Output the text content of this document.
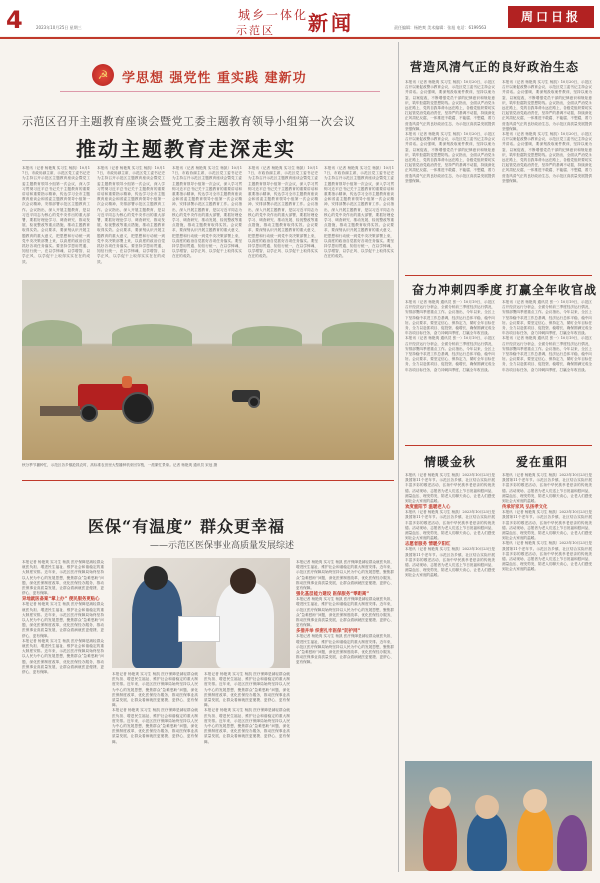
4	2023年10月25日 星期三
城乡一体化
示范区 新闻	责任编辑：杨艳爽 美术编辑：张旭 电话：6199563
周口日报
☭	学思想 强党性 重实践 建新功
示范区召开主题教育座谈会暨党工委主题教育领导小组第一次会议
推动主题教育走深走实
本报讯（记者 杨艳爽 实习生 杨凯）10月17日，市政协副主席，示范区党工委书记史为主持召开示范区主题教育座谈会暨党工委主题教育领导小组第一次会议，深入学习贯彻习近平总书记关于主题教育的重要讲话和重要指示精神，传达学习全市主题教育座谈会和省委主题教育领导小组第一次会议精神，安排部署示范区主题教育工作。会议指出，深入开展主题教育，是以习近平同志为核心的党中央作出的重大部署，要抓好理论学习、调查研究、推动发展、检视整改等重点措施，推动主题教育取得实效。会议要求，要深刻认识开展主题教育的重大意义，把思想和行动统一到党中央决策部署上来，以高度的政治自觉抓好各项任务落实。要坚持学思用贯通、知信行统一，在以学铸魂、以学增智、以学正风、以学促干上取得实实在在的成效。
本报讯（记者 杨艳爽 实习生 杨凯）10月17日，市政协副主席，示范区党工委书记史为主持召开示范区主题教育座谈会暨党工委主题教育领导小组第一次会议，深入学习贯彻习近平总书记关于主题教育的重要讲话和重要指示精神，传达学习全市主题教育座谈会和省委主题教育领导小组第一次会议精神，安排部署示范区主题教育工作。会议指出，深入开展主题教育，是以习近平同志为核心的党中央作出的重大部署，要抓好理论学习、调查研究、推动发展、检视整改等重点措施，推动主题教育取得实效。会议要求，要深刻认识开展主题教育的重大意义，把思想和行动统一到党中央决策部署上来，以高度的政治自觉抓好各项任务落实。要坚持学思用贯通、知信行统一，在以学铸魂、以学增智、以学正风、以学促干上取得实实在在的成效。
本报讯（记者 杨艳爽 实习生 杨凯）10月17日，市政协副主席，示范区党工委书记史为主持召开示范区主题教育座谈会暨党工委主题教育领导小组第一次会议，深入学习贯彻习近平总书记关于主题教育的重要讲话和重要指示精神，传达学习全市主题教育座谈会和省委主题教育领导小组第一次会议精神，安排部署示范区主题教育工作。会议指出，深入开展主题教育，是以习近平同志为核心的党中央作出的重大部署，要抓好理论学习、调查研究、推动发展、检视整改等重点措施，推动主题教育取得实效。会议要求，要深刻认识开展主题教育的重大意义，把思想和行动统一到党中央决策部署上来，以高度的政治自觉抓好各项任务落实。要坚持学思用贯通、知信行统一，在以学铸魂、以学增智、以学正风、以学促干上取得实实在在的成效。
本报讯（记者 杨艳爽 实习生 杨凯）10月17日，市政协副主席，示范区党工委书记史为主持召开示范区主题教育座谈会暨党工委主题教育领导小组第一次会议，深入学习贯彻习近平总书记关于主题教育的重要讲话和重要指示精神，传达学习全市主题教育座谈会和省委主题教育领导小组第一次会议精神，安排部署示范区主题教育工作。会议指出，深入开展主题教育，是以习近平同志为核心的党中央作出的重大部署，要抓好理论学习、调查研究、推动发展、检视整改等重点措施，推动主题教育取得实效。会议要求，要深刻认识开展主题教育的重大意义，把思想和行动统一到党中央决策部署上来，以高度的政治自觉抓好各项任务落实。要坚持学思用贯通、知信行统一，在以学铸魂、以学增智、以学正风、以学促干上取得实实在在的成效。
本报讯（记者 杨艳爽 实习生 杨凯）10月17日，市政协副主席，示范区党工委书记史为主持召开示范区主题教育座谈会暨党工委主题教育领导小组第一次会议，深入学习贯彻习近平总书记关于主题教育的重要讲话和重要指示精神，传达学习全市主题教育座谈会和省委主题教育领导小组第一次会议精神，安排部署示范区主题教育工作。会议指出，深入开展主题教育，是以习近平同志为核心的党中央作出的重大部署，要抓好理论学习、调查研究、推动发展、检视整改等重点措施，推动主题教育取得实效。会议要求，要深刻认识开展主题教育的重大意义，把思想和行动统一到党中央决策部署上来，以高度的政治自觉抓好各项任务落实。要坚持学思用贯通、知信行统一，在以学铸魂、以学增智、以学正风、以学促干上取得实实在在的成效。
秋分季节播种忙，示范区各乡镇抢抓农时，高标准农田里大型播种机来回穿梭，一派繁忙景象。记者 杨艳爽 通讯员 宋冠 摄
医保“有温度” 群众更幸福
——示范区医保事业高质量发展综述
本报记者 杨艳爽 实习生 杨凯 医疗保障是减轻群众就医负担、增进民生福祉、维护社会和谐稳定的重大制度安排。近年来，示范区医疗保障局始终坚持以人民为中心的发展思想，聚焦群众“急难愁盼”问题，深化医保制度改革，优化医保经办服务，推动医保事业高质量发展，让群众看病就医更便捷、更舒心、更有保障。
异地就医备案“掌上办” 便民服务更贴心
本报记者 杨艳爽 实习生 杨凯 医疗保障是减轻群众就医负担、增进民生福祉、维护社会和谐稳定的重大制度安排。近年来，示范区医疗保障局始终坚持以人民为中心的发展思想，聚焦群众“急难愁盼”问题，深化医保制度改革，优化医保经办服务，推动医保事业高质量发展，让群众看病就医更便捷、更舒心、更有保障。
本报记者 杨艳爽 实习生 杨凯 医疗保障是减轻群众就医负担、增进民生福祉、维护社会和谐稳定的重大制度安排。近年来，示范区医疗保障局始终坚持以人民为中心的发展思想，聚焦群众“急难愁盼”问题，深化医保制度改革，优化医保经办服务，推动医保事业高质量发展，让群众看病就医更便捷、更舒心、更有保障。	本报记者 杨艳爽 实习生 杨凯 医疗保障是减轻群众就医负担、增进民生福祉、维护社会和谐稳定的重大制度安排。近年来，示范区医疗保障局始终坚持以人民为中心的发展思想，聚焦群众“急难愁盼”问题，深化医保制度改革，优化医保经办服务，推动医保事业高质量发展，让群众看病就医更便捷、更舒心、更有保障。
本报记者 杨艳爽 实习生 杨凯 医疗保障是减轻群众就医负担、增进民生福祉、维护社会和谐稳定的重大制度安排。近年来，示范区医疗保障局始终坚持以人民为中心的发展思想，聚焦群众“急难愁盼”问题，深化医保制度改革，优化医保经办服务，推动医保事业高质量发展，让群众看病就医更便捷、更舒心、更有保障。
本报记者 杨艳爽 实习生 杨凯 医疗保障是减轻群众就医负担、增进民生福祉、维护社会和谐稳定的重大制度安排。近年来，示范区医疗保障局始终坚持以人民为中心的发展思想，聚焦群众“急难愁盼”问题，深化医保制度改革，优化医保经办服务，推动医保事业高质量发展，让群众看病就医更便捷、更舒心、更有保障。
本报记者 杨艳爽 实习生 杨凯 医疗保障是减轻群众就医负担、增进民生福祉、维护社会和谐稳定的重大制度安排。近年来，示范区医疗保障局始终坚持以人民为中心的发展思想，聚焦群众“急难愁盼”问题，深化医保制度改革，优化医保经办服务，推动医保事业高质量发展，让群众看病就医更便捷、更舒心、更有保障。
本报记者 杨艳爽 实习生 杨凯 医疗保障是减轻群众就医负担、增进民生福祉、维护社会和谐稳定的重大制度安排。近年来，示范区医疗保障局始终坚持以人民为中心的发展思想，聚焦群众“急难愁盼”问题，深化医保制度改革，优化医保经办服务，推动医保事业高质量发展，让群众看病就医更便捷、更舒心、更有保障。
强化基层能力建设 医保服务“零距离”
本报记者 杨艳爽 实习生 杨凯 医疗保障是减轻群众就医负担、增进民生福祉、维护社会和谐稳定的重大制度安排。近年来，示范区医疗保障局始终坚持以人民为中心的发展思想，聚焦群众“急难愁盼”问题，深化医保制度改革，优化医保经办服务，推动医保事业高质量发展，让群众看病就医更便捷、更舒心、更有保障。
多措并举 织密扎牢医保“防护网”
本报记者 杨艳爽 实习生 杨凯 医疗保障是减轻群众就医负担、增进民生福祉、维护社会和谐稳定的重大制度安排。近年来，示范区医疗保障局始终坚持以人民为中心的发展思想，聚焦群众“急难愁盼”问题，深化医保制度改革，优化医保经办服务，推动医保事业高质量发展，让群众看病就医更便捷、更舒心、更有保障。
营造风清气正的良好政治生态
本报讯（记者 杨艳爽 实习生 杨凯）10月20日，示范区召开以案促改警示教育会议，示范区党工委书记主持会议并讲话。会议强调，要深刻汲取案件教训，坚持以案为鉴、以案促改，不断增强党员干部的纪律意识和规矩意识，筑牢拒腐防变思想防线。会议指出，全面从严治党永远在路上，党的自我革命永远在路上，各级党组织要切实扛起管党治党政治责任，坚持严的基调不动摇，持续深化正风肃纪反腐，一体推进不敢腐、不能腐、不想腐，着力营造风清气正的良好政治生态，为示范区高质量发展提供坚强保障。
本报讯（记者 杨艳爽 实习生 杨凯）10月20日，示范区召开以案促改警示教育会议，示范区党工委书记主持会议并讲话。会议强调，要深刻汲取案件教训，坚持以案为鉴、以案促改，不断增强党员干部的纪律意识和规矩意识，筑牢拒腐防变思想防线。会议指出，全面从严治党永远在路上，党的自我革命永远在路上，各级党组织要切实扛起管党治党政治责任，坚持严的基调不动摇，持续深化正风肃纪反腐，一体推进不敢腐、不能腐、不想腐，着力营造风清气正的良好政治生态，为示范区高质量发展提供坚强保障。
本报讯（记者 杨艳爽 实习生 杨凯）10月20日，示范区召开以案促改警示教育会议，示范区党工委书记主持会议并讲话。会议强调，要深刻汲取案件教训，坚持以案为鉴、以案促改，不断增强党员干部的纪律意识和规矩意识，筑牢拒腐防变思想防线。会议指出，全面从严治党永远在路上，党的自我革命永远在路上，各级党组织要切实扛起管党治党政治责任，坚持严的基调不动摇，持续深化正风肃纪反腐，一体推进不敢腐、不能腐、不想腐，着力营造风清气正的良好政治生态，为示范区高质量发展提供坚强保障。
本报讯（记者 杨艳爽 实习生 杨凯）10月20日，示范区召开以案促改警示教育会议，示范区党工委书记主持会议并讲话。会议强调，要深刻汲取案件教训，坚持以案为鉴、以案促改，不断增强党员干部的纪律意识和规矩意识，筑牢拒腐防变思想防线。会议指出，全面从严治党永远在路上，党的自我革命永远在路上，各级党组织要切实扛起管党治党政治责任，坚持严的基调不动摇，持续深化正风肃纪反腐，一体推进不敢腐、不能腐、不想腐，着力营造风清气正的良好政治生态，为示范区高质量发展提供坚强保障。
奋力冲刺四季度 打赢全年收官战
本报讯（记者 杨艳爽 通讯员 张一）10月19日，示范区召开经济运行分析会，全面分析前三季度经济运行情况，安排部署四季度重点工作。会议指出，今年以来，全区上下坚持稳中求进工作总基调，经济运行总体平稳、稳中向好。会议要求，要坚定信心、保持定力，紧盯全年目标任务，全力以赴抓项目、促投资、稳增长，确保圆满完成全年各项目标任务，奋力冲刺四季度，打赢全年收官战。
本报讯（记者 杨艳爽 通讯员 张一）10月19日，示范区召开经济运行分析会，全面分析前三季度经济运行情况，安排部署四季度重点工作。会议指出，今年以来，全区上下坚持稳中求进工作总基调，经济运行总体平稳、稳中向好。会议要求，要坚定信心、保持定力，紧盯全年目标任务，全力以赴抓项目、促投资、稳增长，确保圆满完成全年各项目标任务，奋力冲刺四季度，打赢全年收官战。
本报讯（记者 杨艳爽 通讯员 张一）10月19日，示范区召开经济运行分析会，全面分析前三季度经济运行情况，安排部署四季度重点工作。会议指出，今年以来，全区上下坚持稳中求进工作总基调，经济运行总体平稳、稳中向好。会议要求，要坚定信心、保持定力，紧盯全年目标任务，全力以赴抓项目、促投资、稳增长，确保圆满完成全年各项目标任务，奋力冲刺四季度，打赢全年收官战。
本报讯（记者 杨艳爽 通讯员 张一）10月19日，示范区召开经济运行分析会，全面分析前三季度经济运行情况，安排部署四季度重点工作。会议指出，今年以来，全区上下坚持稳中求进工作总基调，经济运行总体平稳、稳中向好。会议要求，要坚定信心、保持定力，紧盯全年目标任务，全力以赴抓项目、促投资、稳增长，确保圆满完成全年各项目标任务，奋力冲刺四季度，打赢全年收官战。
情暖金秋	爱在重阳
本报讯（记者 杨艳爽 实习生 杨凯）2023年10月23日是我国第11个老年节。示范区各乡镇、社区结合实际开展丰富多彩的敬老活动，弘扬中华民族孝老爱亲的传统美德。活动现场，志愿者为老人们送上节日祝福和慰问品，测量血压、理发剪发，陪老人们聊天谈心，让老人们感受到社会大家庭的温暖。
欢度重阳节 温暖老人心
本报讯（记者 杨艳爽 实习生 杨凯）2023年10月23日是我国第11个老年节。示范区各乡镇、社区结合实际开展丰富多彩的敬老活动，弘扬中华民族孝老爱亲的传统美德。活动现场，志愿者为老人们送上节日祝福和慰问品，测量血压、理发剪发，陪老人们聊天谈心，让老人们感受到社会大家庭的温暖。
志愿者服务 情暖夕阳红
本报讯（记者 杨艳爽 实习生 杨凯）2023年10月23日是我国第11个老年节。示范区各乡镇、社区结合实际开展丰富多彩的敬老活动，弘扬中华民族孝老爱亲的传统美德。活动现场，志愿者为老人们送上节日祝福和慰问品，测量血压、理发剪发，陪老人们聊天谈心，让老人们感受到社会大家庭的温暖。
本报讯（记者 杨艳爽 实习生 杨凯）2023年10月23日是我国第11个老年节。示范区各乡镇、社区结合实际开展丰富多彩的敬老活动，弘扬中华民族孝老爱亲的传统美德。活动现场，志愿者为老人们送上节日祝福和慰问品，测量血压、理发剪发，陪老人们聊天谈心，让老人们感受到社会大家庭的温暖。
传承好家风 弘扬孝文化
本报讯（记者 杨艳爽 实习生 杨凯）2023年10月23日是我国第11个老年节。示范区各乡镇、社区结合实际开展丰富多彩的敬老活动，弘扬中华民族孝老爱亲的传统美德。活动现场，志愿者为老人们送上节日祝福和慰问品，测量血压、理发剪发，陪老人们聊天谈心，让老人们感受到社会大家庭的温暖。
本报讯（记者 杨艳爽 实习生 杨凯）2023年10月23日是我国第11个老年节。示范区各乡镇、社区结合实际开展丰富多彩的敬老活动，弘扬中华民族孝老爱亲的传统美德。活动现场，志愿者为老人们送上节日祝福和慰问品，测量血压、理发剪发，陪老人们聊天谈心，让老人们感受到社会大家庭的温暖。
